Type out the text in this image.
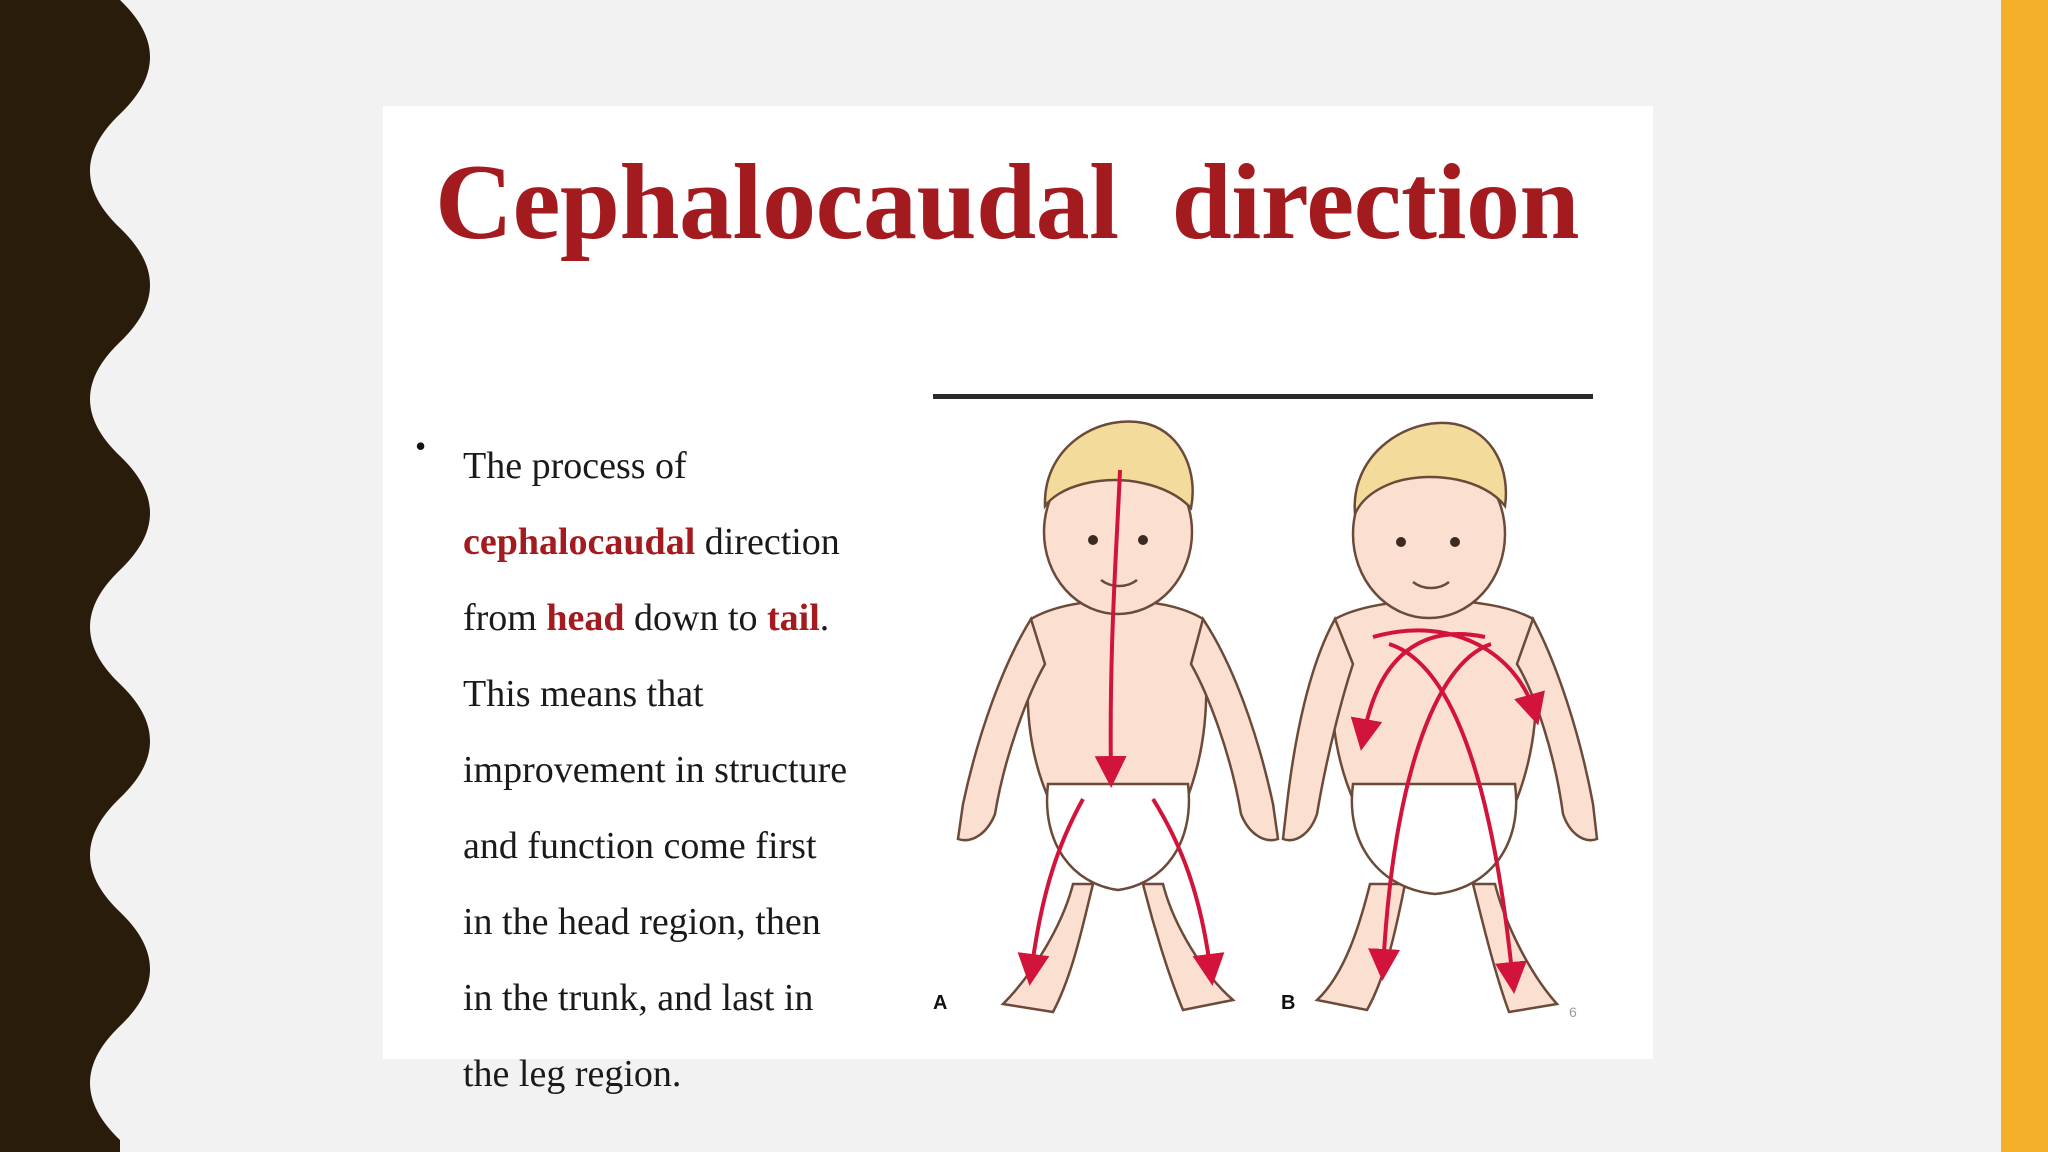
Cephalocaudal  direction
• The process of
cephalocaudal direction
from head down to tail.
This means that
improvement in structure
and function come first
in the head region, then
in the trunk, and last in
the leg region.
A	B	6
